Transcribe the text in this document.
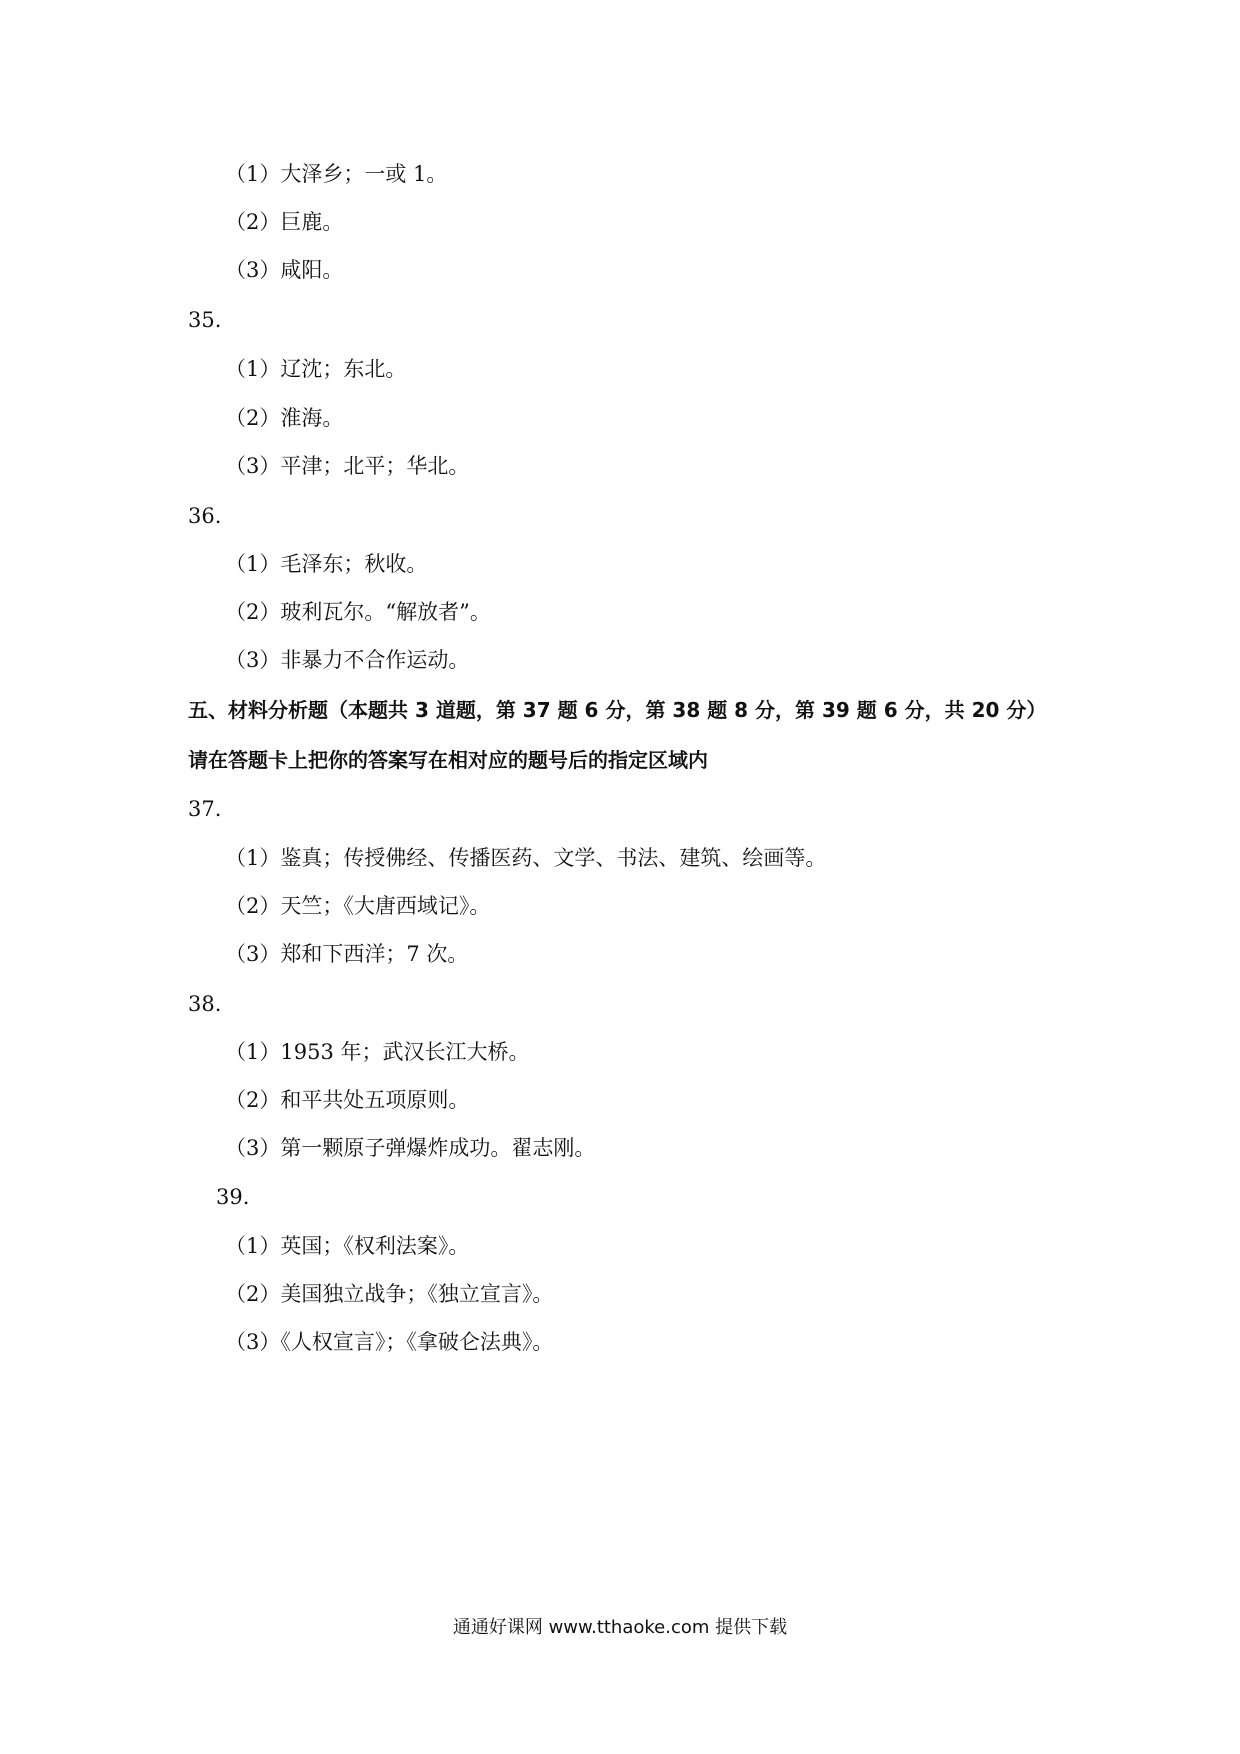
（1）大泽乡；一或 1。
（2）巨鹿。
（3）咸阳。
35.
（1）辽沈；东北。
（2）淮海。
（3）平津；北平；华北。
36.
（1）毛泽东；秋收。
（2）玻利瓦尔。“解放者”。
（3）非暴力不合作运动。
五、材料分析题（本题共 3 道题，第 37 题 6 分，第 38 题 8 分，第 39 题 6 分，共 20 分）
请在答题卡上把你的答案写在相对应的题号后的指定区域内
37.
（1）鉴真；传授佛经、传播医药、文学、书法、建筑、绘画等。
（2）天竺；《大唐西域记》。
（3）郑和下西洋；7 次。
38.
（1）1953 年；武汉长江大桥。
（2）和平共处五项原则。
（3）第一颗原子弹爆炸成功。翟志刚。
39.
（1）英国；《权利法案》。
（2）美国独立战争；《独立宣言》。
（3）《人权宣言》；《拿破仑法典》。
通通好课网 www.tthaoke.com 提供下载
